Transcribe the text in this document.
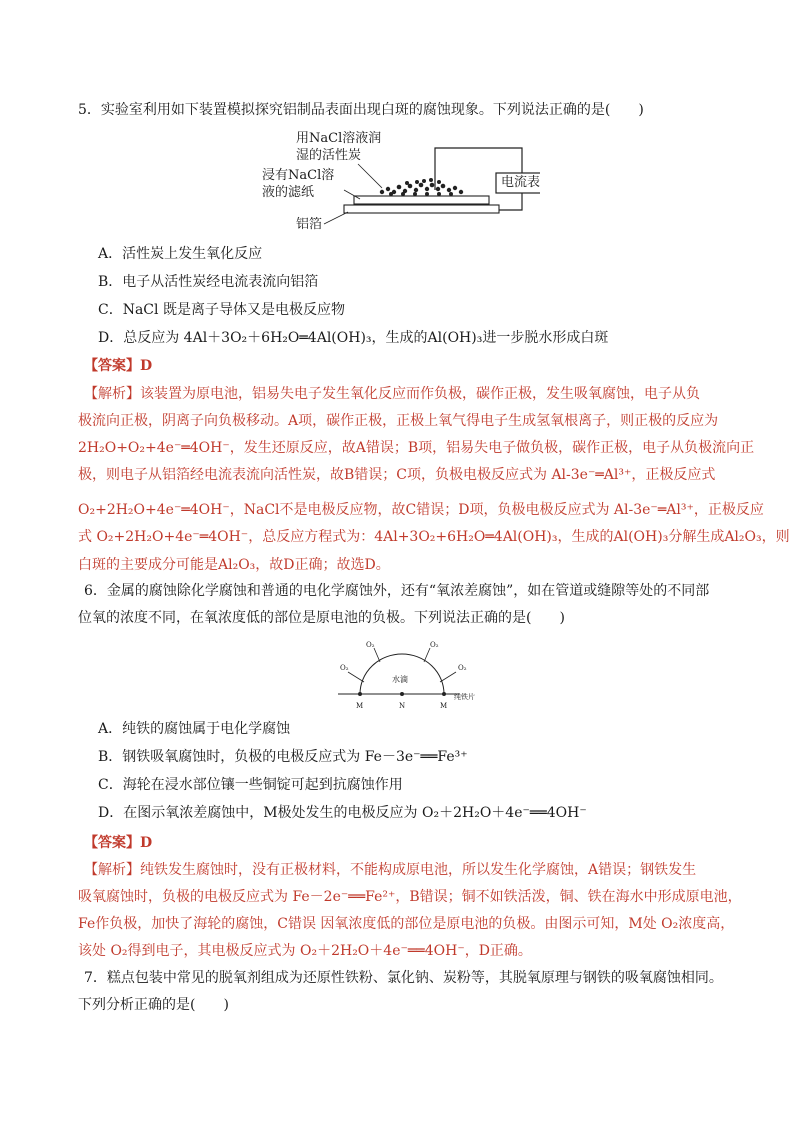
5．实验室利用如下装置模拟探究铝制品表面出现白斑的腐蚀现象。下列说法正确的是(　　)
用NaCl溶液润
湿的活性炭
浸有NaCl溶
液的滤纸
铝箔
电流表
A．活性炭上发生氧化反应
B．电子从活性炭经电流表流向铝箔
C．NaCl 既是离子导体又是电极反应物
D．总反应为 4Al＋3O₂＋6H₂O═4Al(OH)₃，生成的Al(OH)₃进一步脱水形成白斑
【答案】D
【解析】该装置为原电池，铝易失电子发生氧化反应而作负极，碳作正极，发生吸氧腐蚀，电子从负
极流向正极，阴离子向负极移动。A项，碳作正极，正极上氧气得电子生成氢氧根离子，则正极的反应为
2H₂O+O₂+4e⁻═4OH⁻，发生还原反应，故A错误；B项，铝易失电子做负极，碳作正极，电子从负极流向正
极，则电子从铝箔经电流表流向活性炭，故B错误；C项，负极电极反应式为 Al-3e⁻═Al³⁺，正极反应式
O₂+2H₂O+4e⁻═4OH⁻，NaCl不是电极反应物，故C错误；D项，负极电极反应式为 Al-3e⁻═Al³⁺，正极反应
式 O₂+2H₂O+4e⁻═4OH⁻，总反应方程式为：4Al+3O₂+6H₂O═4Al(OH)₃，生成的Al(OH)₃分解生成Al₂O₃，则
白斑的主要成分可能是Al₂O₃，故D正确；故选D。
6．金属的腐蚀除化学腐蚀和普通的电化学腐蚀外，还有“氧浓差腐蚀”，如在管道或缝隙等处的不同部
位氧的浓度不同，在氧浓度低的部位是原电池的负极。下列说法正确的是(　　)
O₂
O₂	O₂
O₂
水滴
纯铁片
M	N	M
A．纯铁的腐蚀属于电化学腐蚀
B．钢铁吸氧腐蚀时，负极的电极反应式为 Fe－3e⁻══Fe³⁺
C．海轮在浸水部位镶一些铜锭可起到抗腐蚀作用
D．在图示氧浓差腐蚀中，M极处发生的电极反应为 O₂＋2H₂O＋4e⁻══4OH⁻
【答案】D
【解析】纯铁发生腐蚀时，没有正极材料，不能构成原电池，所以发生化学腐蚀，A错误；钢铁发生
吸氧腐蚀时，负极的电极反应式为 Fe－2e⁻══Fe²⁺，B错误；铜不如铁活泼，铜、铁在海水中形成原电池，
Fe作负极，加快了海轮的腐蚀，C错误 因氧浓度低的部位是原电池的负极。由图示可知，M处 O₂浓度高，
该处 O₂得到电子，其电极反应式为 O₂＋2H₂O＋4e⁻══4OH⁻，D正确。
7．糕点包装中常见的脱氧剂组成为还原性铁粉、氯化钠、炭粉等，其脱氧原理与钢铁的吸氧腐蚀相同。
下列分析正确的是(　　)
